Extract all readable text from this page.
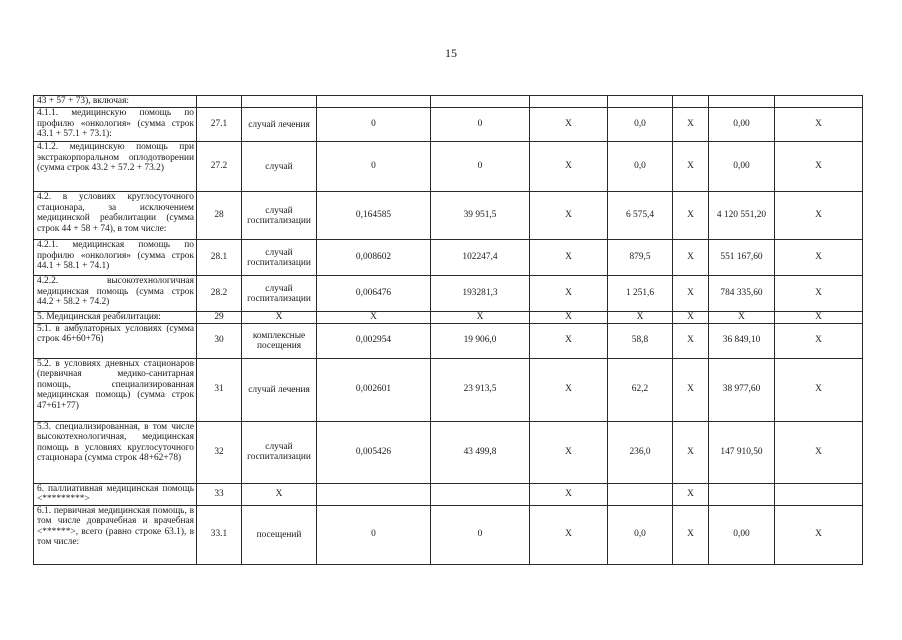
15
43 + 57 + 73), включая:									
4.1.1. медицинскую помощь по профилю «онкология» (сумма строк 43.1 + 57.1 + 73.1):	27.1	случай лечения	0	0	X	0,0	X	0,00	X
4.1.2. медицинскую помощь при экстракорпоральном оплодотворении (сумма строк 43.2 + 57.2 + 73.2)	27.2	случай	0	0	X	0,0	X	0,00	X
4.2. в условиях круглосуточного стационара, за исключением медицинской реабилитации (сумма строк 44 + 58 + 74), в том числе:	28	случай госпитализации	0,164585	39 951,5	X	6 575,4	X	4 120 551,20	X
4.2.1. медицинская помощь по профилю «онкология» (сумма строк 44.1 + 58.1 + 74.1)	28.1	случай госпитализации	0,008602	102247,4	X	879,5	X	551 167,60	X
4.2.2. высокотехнологичная медицинская помощь (сумма строк 44.2 + 58.2 + 74.2)	28.2	случай госпитализации	0,006476	193281,3	X	1 251,6	X	784 335,60	X
5. Медицинская реабилитация:	29	X	X	X	X	X	X	X	X
5.1. в амбулаторных условиях (сумма строк 46+60+76)	30	комплексные посещения	0,002954	19 906,0	X	58,8	X	36 849,10	X
5.2. в условиях дневных стационаров (первичная медико-санитарная помощь, специализированная медицинская помощь) (сумма строк 47+61+77)	31	случай лечения	0,002601	23 913,5	X	62,2	X	38 977,60	X
5.3. специализированная, в том числе высокотехнологичная, медицинская помощь в условиях круглосуточного стационара (сумма строк 48+62+78)	32	случай госпитализации	0,005426	43 499,8	X	236,0	X	147 910,50	X
6. паллиативная медицинская помощь <*********>	33	X			X		X		
6.1. первичная медицинская помощь, в том числе доврачебная и врачебная <******>, всего (равно строке 63.1), в том числе:	33.1	посещений	0	0	X	0,0	X	0,00	X
